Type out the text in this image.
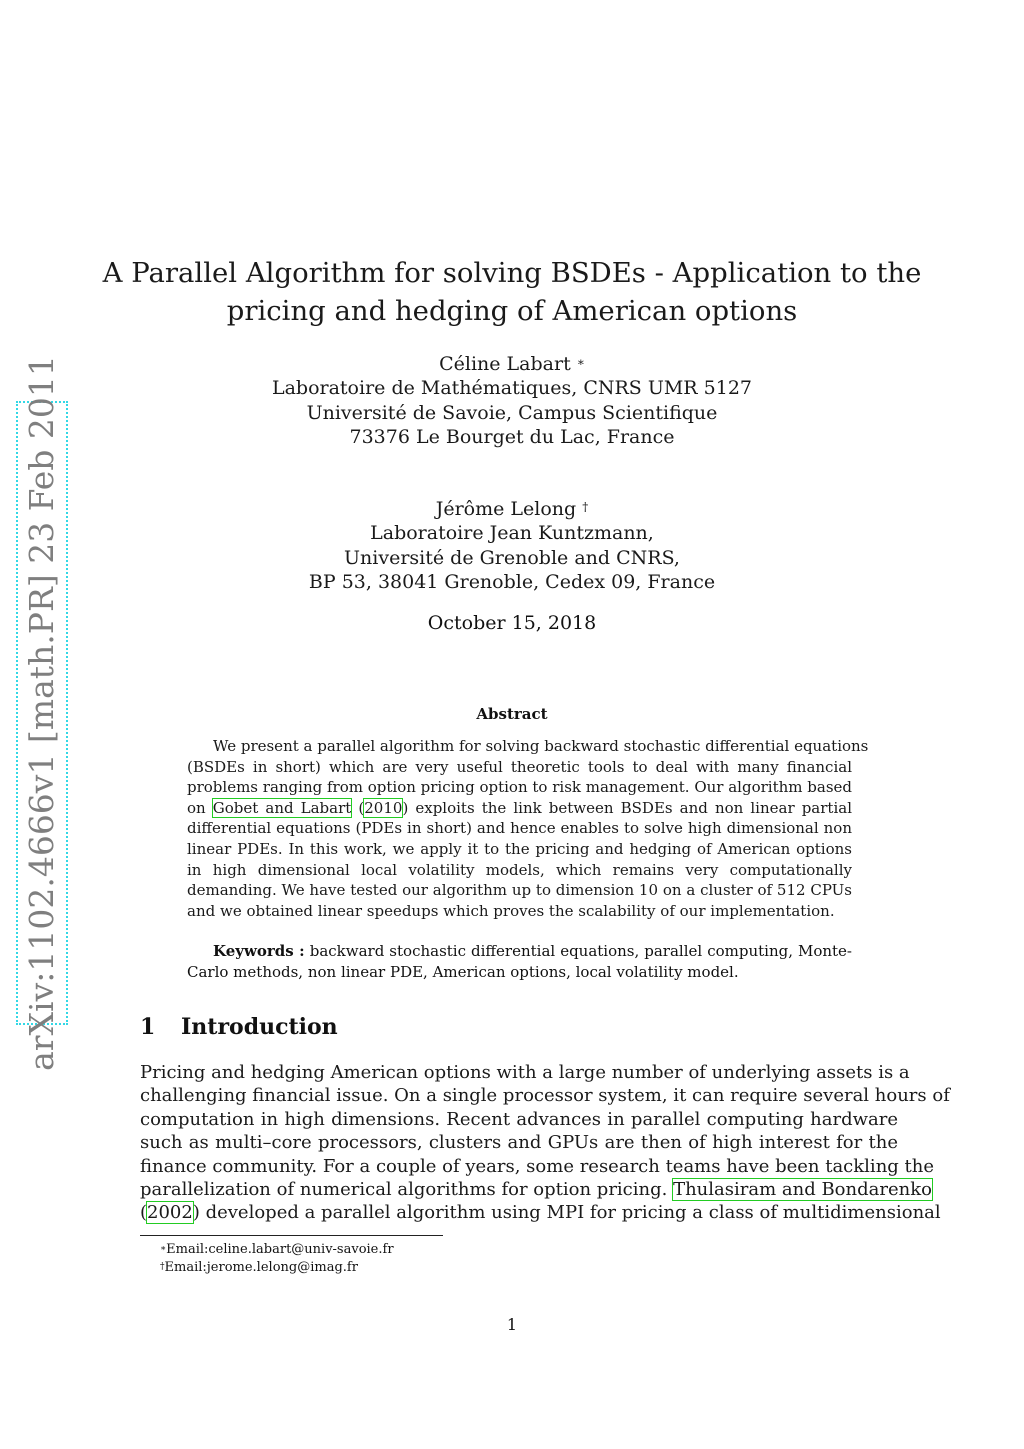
arXiv:1102.4666v1 [math.PR] 23 Feb 2011
A Parallel Algorithm for solving BSDEs - Application to the
pricing and hedging of American options
Céline Labart ∗
Laboratoire de Mathématiques, CNRS UMR 5127
Université de Savoie, Campus Scientifique
73376 Le Bourget du Lac, France
Jérôme Lelong †
Laboratoire Jean Kuntzmann,
Université de Grenoble and CNRS,
BP 53, 38041 Grenoble, Cedex 09, France

October 15, 2018

Abstract

We present a parallel algorithm for solving backward stochastic differential equations
(BSDEs in short) which are very useful theoretic tools to deal with many financial
problems ranging from option pricing option to risk management. Our algorithm based
on Gobet and Labart (2010) exploits the link between BSDEs and non linear partial
differential equations (PDEs in short) and hence enables to solve high dimensional non
linear PDEs. In this work, we apply it to the pricing and hedging of American options
in high dimensional local volatility models, which remains very computationally
demanding. We have tested our algorithm up to dimension 10 on a cluster of 512 CPUs
and we obtained linear speedups which proves the scalability of our implementation.
Keywords : backward stochastic differential equations, parallel computing, Monte-
Carlo methods, non linear PDE, American options, local volatility model.
1 Introduction
Pricing and hedging American options with a large number of underlying assets is a
challenging financial issue. On a single processor system, it can require several hours of
computation in high dimensions. Recent advances in parallel computing hardware
such as multi–core processors, clusters and GPUs are then of high interest for the
finance community. For a couple of years, some research teams have been tackling the
parallelization of numerical algorithms for option pricing. Thulasiram and Bondarenko
(2002) developed a parallel algorithm using MPI for pricing a class of multidimensional
∗Email:celine.labart@univ-savoie.fr
†Email:jerome.lelong@imag.fr
1
